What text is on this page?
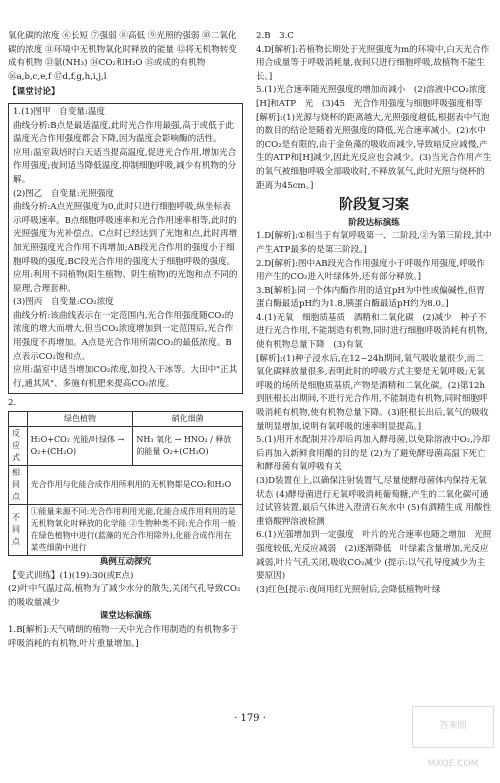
氧化碳的浓度 ⑥长短 ⑦强弱 ⑧高低 ⑨光照的强弱 ⑩二氧化碳的浓度 ⑪环境中无机物氧化时释放的能量 ⑫将无机物转变成有机物 ⑬氨(NH₃) ⑭CO₂和H₂O ⑮或成的有机物 ⑯a,b,c,e,f ⑰d,f,g,h,i,j,l

【课堂讨论】

1.(1)图甲　自变量:温度

曲线分析:B点是最适温度,此时光合作用最强,高于或低于此温度光合作用强度都会下降,因为温度会影响酶的活性。

应用:温室栽培时白天适当提高温度,促进光合作用,增加光合作用强度;夜间适当降低温度,抑制细胞呼吸,减少有机物的分解。

(2)图乙　自变量:光照强度

曲线分析:A点光照强度为0,此时只进行细胞呼吸,纵坐标表示呼吸速率。B点细胞呼吸速率和光合作用速率相等,此时的光照强度为光补偿点。C点时已经达到了光饱和点,此时再增加光照强度光合作用不再增加;AB段光合作用的强度小于细胞呼吸的强度;BC段光合作用的强度大于细胞呼吸的强度。

应用:利用不同植物(阳生植物、阴生植物)的光饱和点不同的原理,合理套种。

(3)图丙　自变量:CO₂浓度

曲线分析:该曲线表示在一定范围内,光合作用强度随CO₂的浓度的增大而增大,但当CO₂浓度增加到一定范围后,光合作用强度不再增加。A点是光合作用所需CO₂的最低浓度。B点表示CO₂饱和点。

应用:温室中适当增加CO₂浓度,如投入干冰等。大田中"正其行,通其风"、多施有机肥来提高CO₂浓度。

2.

	绿色植物	硝化细菌
反应式	H₂O+CO₂ 光能/叶绿体 → O₂+(CH₂O)	NH₃ 氧化 → HNO₂ / 释放的能量 O₂+(CH₂O)
相同点	光合作用与化能合成作用所利用的无机物都是CO₂和H₂O	
不同点	①能量来源不同:光合作用利用光能,化能合成作用利用的是无机物氧化时释放的化学能 ②生物种类不同:光合作用一般在绿色植物中进行(蓝藻的光合作用除外),化能合成作用在某些细菌中进行	

典例互动探究

【变式训练】(1)(19):30(或E点)

(2)叶中气温过高,植物为了减少水分的散失,关闭气孔导致CO₂的吸收量减少

课堂达标演练

1.B[解析]:天气晴朗的植物一天中光合作用制造的有机物多于呼吸消耗的有机物,叶片重量增加。]

2.B　3.C

4.D[解析]:若植物长期处于光照强度为m的环境中,白天光合作用合成量等于呼吸消耗量,夜间只进行细胞呼吸,故植物不能生长。]

5.(1)光合速率随光照强度的增加而减小　(2)溶液中CO₂浓度　[H]和ATP　光　(3)45　光合作用强度与细胞呼吸强度相等

[解析]:(1)光源与烧杯的距离越大,光照强度越低,根据表中气泡的数目的结论是随着光照强度的降低,光合速率减小。(2)水中的CO₂是有限的,由于金鱼藻的吸收而减少,导致暗反应减慢,产生的ATP和[H]减少,因此光反应也会减少。(3)当光合作用产生的氧气被细胞呼吸全部吸收时,不释放氧气,此时光照与烧杯的距离为45cm。]

阶段复习案

阶段达标演练

1.D[解析]:①相当于有氧呼吸第一、二阶段,②为第三阶段,其中产生ATP最多的是第三阶段。]

2.D[解析]:图中AB段光合作用强度小于呼吸作用强度,呼吸作用产生的CO₂进入叶绿体外,还有部分释放。]

3.B[解析]:同一个体内酶作用的适宜pH为中性或偏碱性,但胃蛋白酶最适pH约为1.8,胰蛋白酶最适pH约为8.0。]

4.(1)无氧　细胞质基质　酒精和二氧化碳　(2)减少　种子不进行光合作用,不能制造有机物,同时进行细胞呼吸消耗有机物,使有机物总量下降　(3)有氧

[解析]:(1)种子浸水后,在12~24h期间,氧气吸收量很少,而二氧化碳释放量很多,表明此时的呼吸方式主要是无氧呼吸;无氧呼吸的场所是细胞质基质,产物是酒精和二氧化碳。(2)第12h到胚根长出期间,不进行光合作用,不能制造有机物,同时细胞呼吸消耗有机物,使有机物总量下降。(3)胚根长出后,氧气的吸收量明显增加,说明有氧呼吸的速率明显提高。]

5.(1)用开水配制并冷却后再加入酵母菌,以免除溶液中O₂,冷却后再加入新鲜食用醋的目的是 (2)为了避免酵母菌高温下死亡和酵母菌有氧呼吸有关

(3)D装置在上,以确保注射装置气,尽量使酵母菌体内保持无氧状态 (4)酵母菌进行无氧呼吸消耗葡萄糖,产生的二氧化碳可通过试管装置,最后气体进入澄清石灰水中 (5)有酒精生成 用酸性重铬酸钾溶液检测

6.(1)光强增加到一定强度　叶片的光合速率也随之增加　光照强度较低,光反应减弱　(2)逐渐降低　叶绿素含量增加,光反应减弱,叶片气孔关闭,吸收CO₂减少 (提示:以气孔导度减少为主要原因)

(3)红色[提示:夜间用红光照射后,会降低植物叶绿

· 179 ·
答案圈 MXQE.COM
